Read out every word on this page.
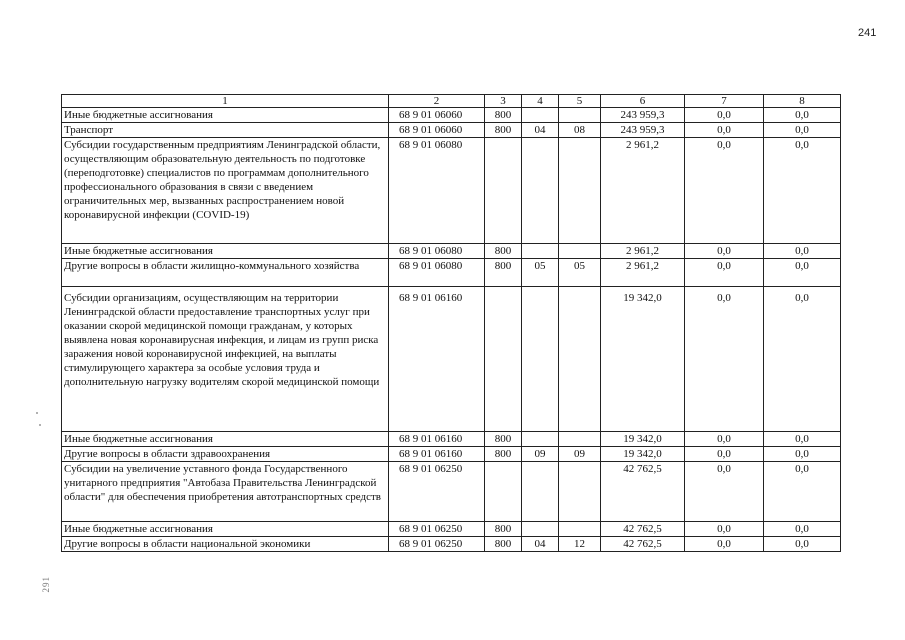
241
1	2	3	4	5	6	7	8
Иные бюджетные ассигнования	68 9 01 06060	800			243 959,3	0,0	0,0
Транспорт	68 9 01 06060	800	04	08	243 959,3	0,0	0,0
Субсидии государственным предприятиям Ленинградской области, осуществляющим образовательную деятельность по подготовке (переподготовке) специалистов по программам дополнительного профессионального образования в связи с введением ограничительных мер, вызванных распространением новой коронавирусной инфекции (COVID-19)	68 9 01 06080				2 961,2	0,0	0,0
Иные бюджетные ассигнования	68 9 01 06080	800			2 961,2	0,0	0,0
Другие вопросы в области жилищно-коммунального хозяйства	68 9 01 06080	800	05	05	2 961,2	0,0	0,0
Субсидии организациям, осуществляющим на территории Ленинградской области предоставление транспортных услуг при оказании скорой медицинской помощи гражданам, у которых выявлена новая коронавирусная инфекция, и лицам из групп риска заражения новой коронавирусной инфекцией, на выплаты стимулирующего характера за особые условия труда и дополнительную нагрузку водителям скорой медицинской помощи	68 9 01 06160				19 342,0	0,0	0,0
Иные бюджетные ассигнования	68 9 01 06160	800			19 342,0	0,0	0,0
Другие вопросы в области здравоохранения	68 9 01 06160	800	09	09	19 342,0	0,0	0,0
Субсидии на увеличение уставного фонда Государственного унитарного предприятия "Автобаза Правительства Ленинградской области" для обеспечения приобретения автотранспортных средств	68 9 01 06250				42 762,5	0,0	0,0
Иные бюджетные ассигнования	68 9 01 06250	800			42 762,5	0,0	0,0
Другие вопросы в области национальной экономики	68 9 01 06250	800	04	12	42 762,5	0,0	0,0
291
